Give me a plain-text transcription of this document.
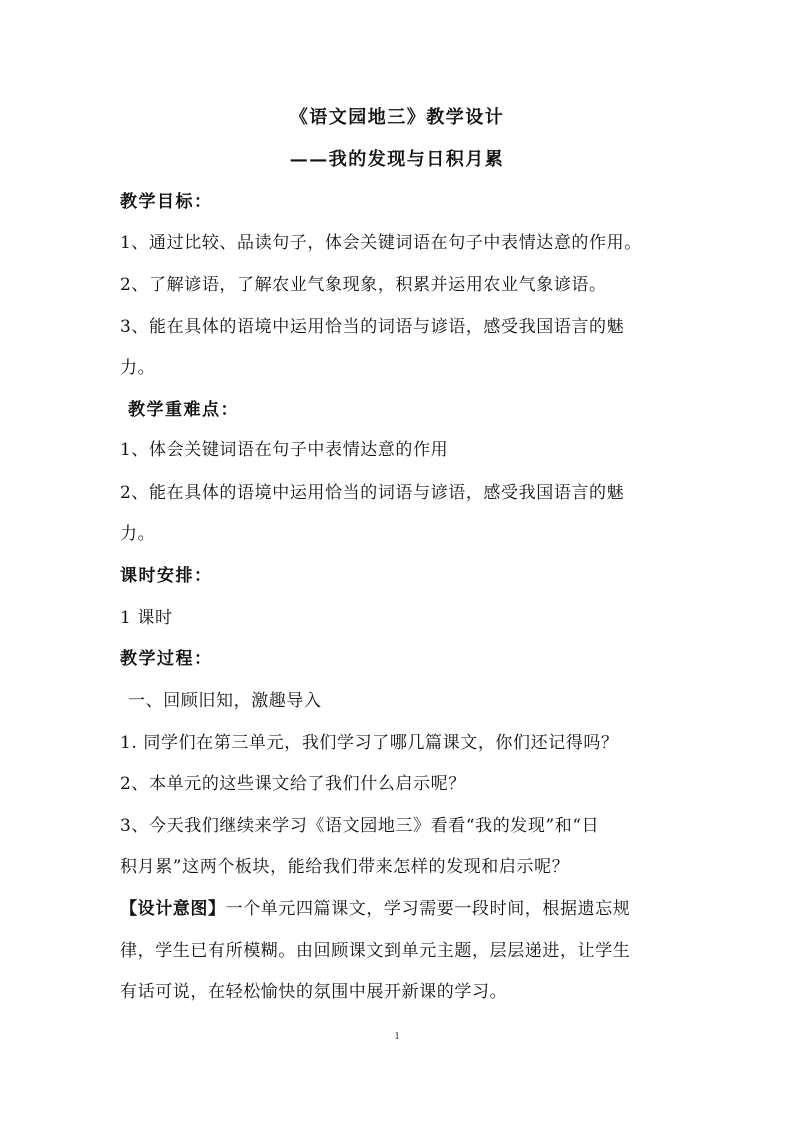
《语文园地三》教学设计
——我的发现与日积月累
教学目标：
1、通过比较、品读句子，体会关键词语在句子中表情达意的作用。
2、了解谚语，了解农业气象现象，积累并运用农业气象谚语。
3、能在具体的语境中运用恰当的词语与谚语，感受我国语言的魅
力。
教学重难点：
1、体会关键词语在句子中表情达意的作用
2、能在具体的语境中运用恰当的词语与谚语，感受我国语言的魅
力。
课时安排：
1 课时
教学过程：
一、回顾旧知，激趣导入
1. 同学们在第三单元，我们学习了哪几篇课文，你们还记得吗？
2、本单元的这些课文给了我们什么启示呢？
3、今天我们继续来学习《语文园地三》看看“我的发现”和“日
积月累”这两个板块，能给我们带来怎样的发现和启示呢？
【设计意图】一个单元四篇课文，学习需要一段时间，根据遗忘规
律，学生已有所模糊。由回顾课文到单元主题，层层递进，让学生
有话可说，在轻松愉快的氛围中展开新课的学习。
1
